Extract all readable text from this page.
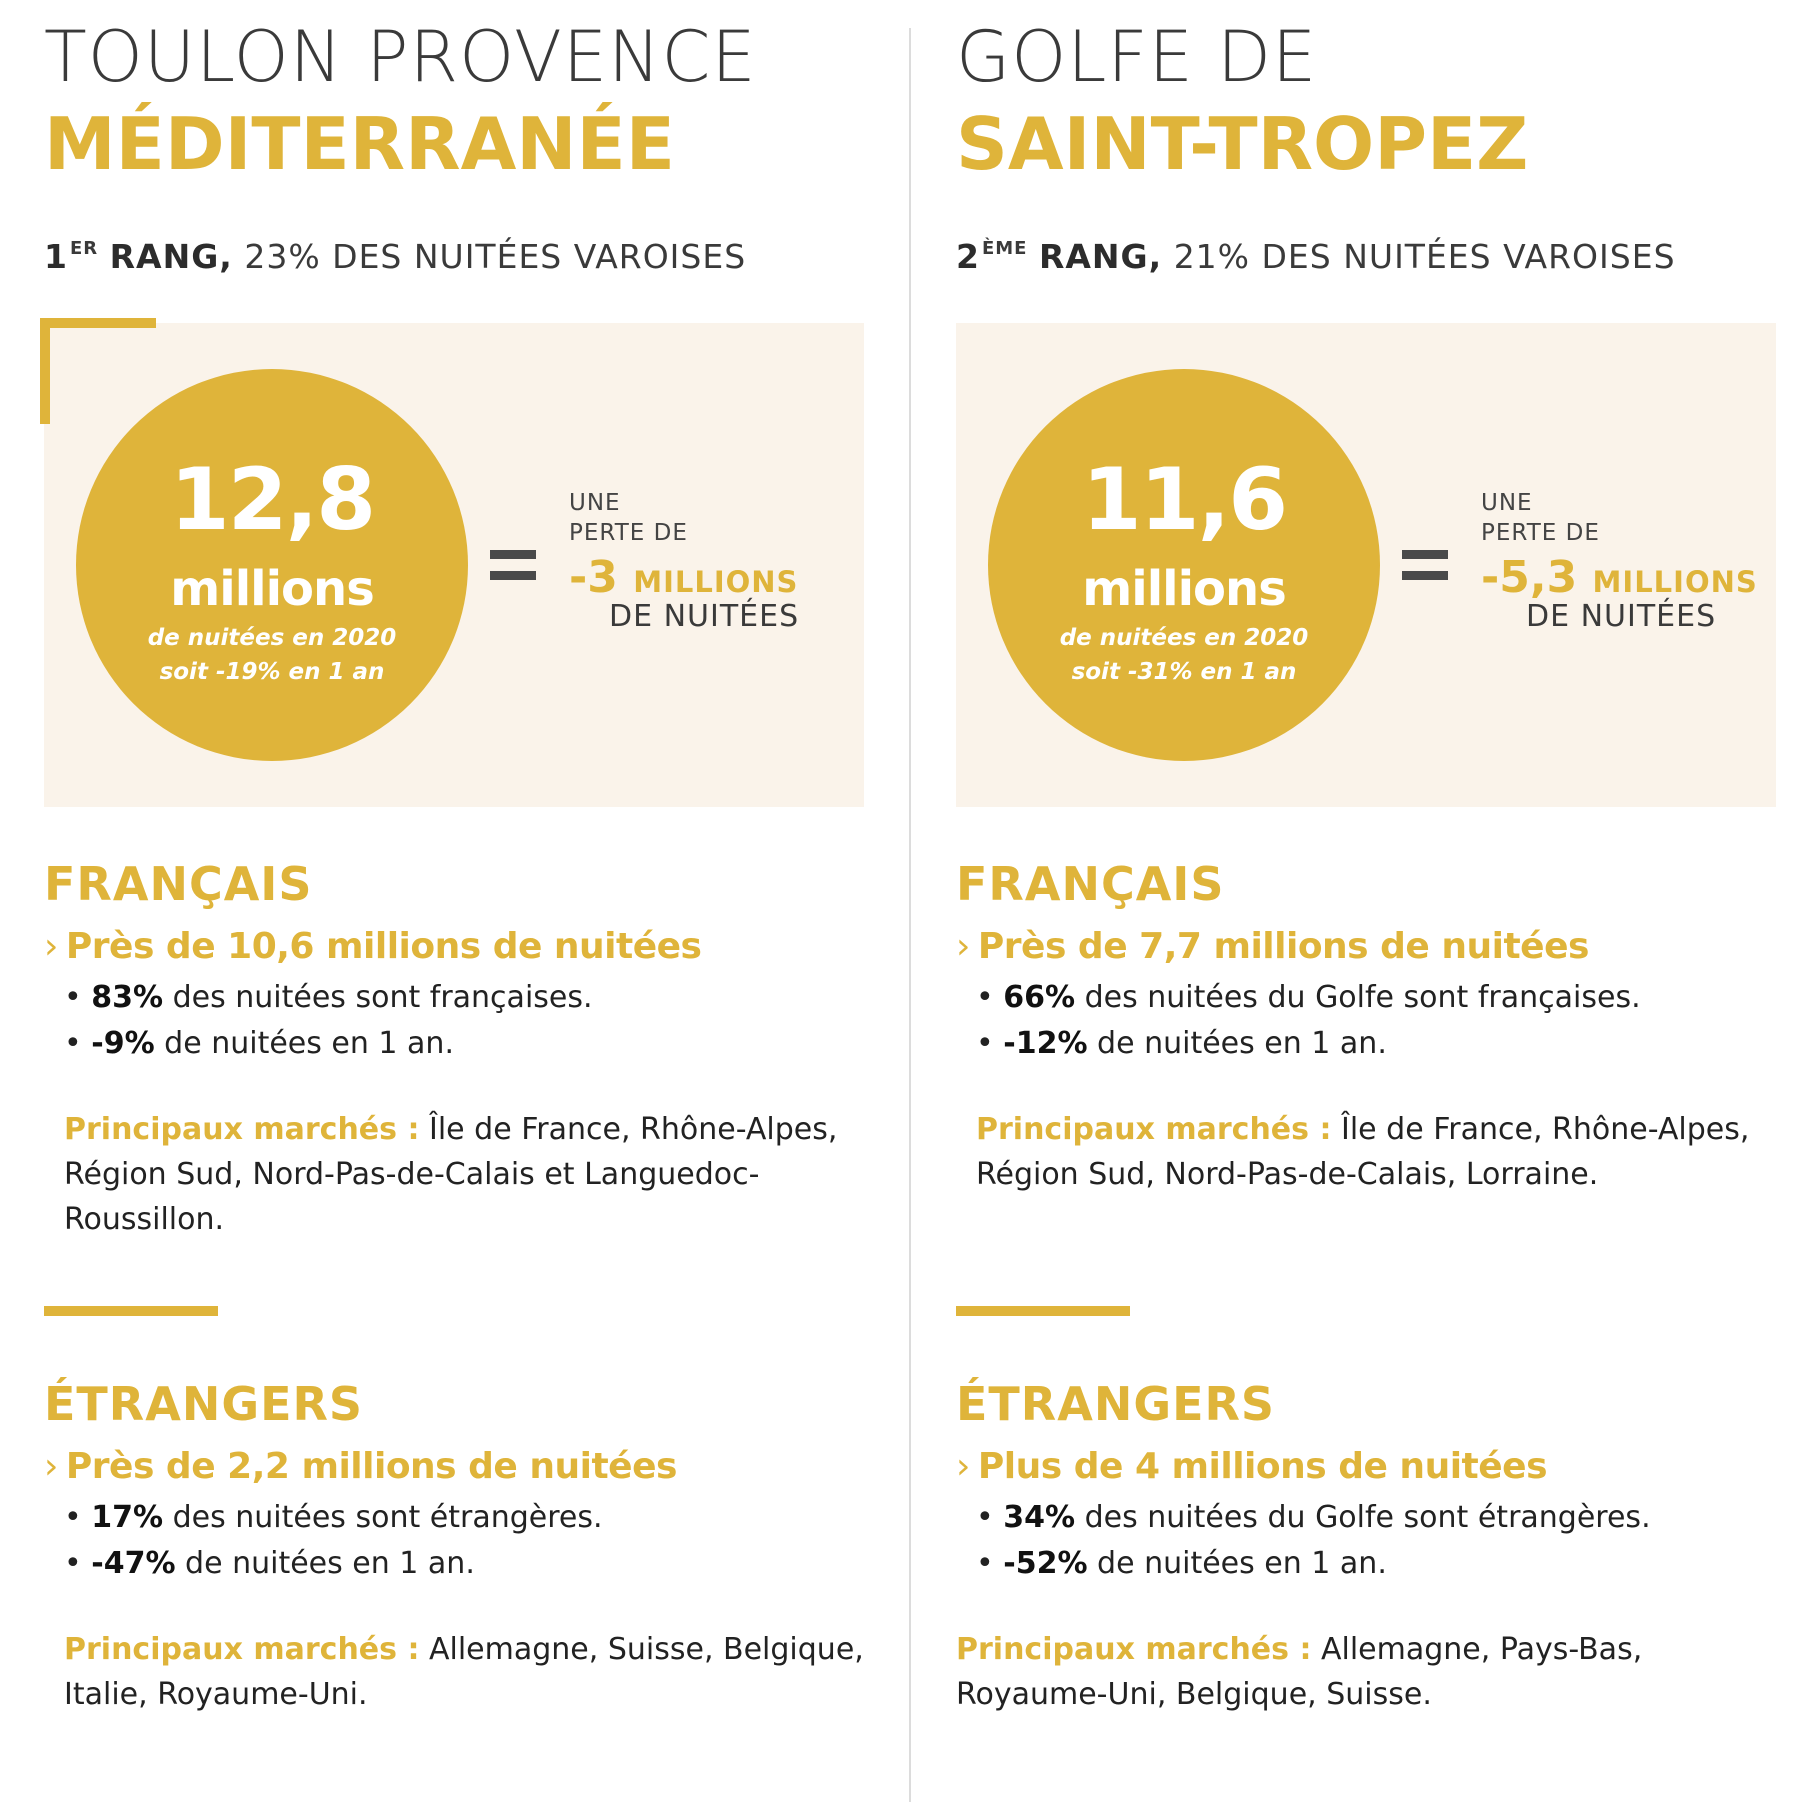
TOULON PROVENCE
MÉDITERRANÉE
1 $^{ER}$ RANG, 23% DES NUITÉES VAROISES
12,8
millions
de nuitées en 2020
soit -19% en 1 an
UNE
PERTE DE
-3 MILLIONS
DE NUITÉES
FRANÇAIS
› Près de 10,6 millions de nuitées
• 83% des nuitées sont françaises.
• -9% de nuitées en 1 an.
Principaux marchés : Île de France, Rhône-Alpes, Région Sud, Nord-Pas-de-Calais et Languedoc-Roussillon.
ÉTRANGERS
› Près de 2,2 millions de nuitées
• 17% des nuitées sont étrangères.
• -47% de nuitées en 1 an.
Principaux marchés : Allemagne, Suisse, Belgique, Italie, Royaume-Uni.
GOLFE DE
SAINT-TROPEZ
2 $^{ÈME}$ RANG, 21% DES NUITÉES VAROISES
11,6
millions
de nuitées en 2020
soit -31% en 1 an
UNE
PERTE DE
-5,3 MILLIONS
DE NUITÉES
FRANÇAIS
› Près de 7,7 millions de nuitées
• 66% des nuitées du Golfe sont françaises.
• -12% de nuitées en 1 an.
Principaux marchés : Île de France, Rhône-Alpes, Région Sud, Nord-Pas-de-Calais, Lorraine.
ÉTRANGERS
› Plus de 4 millions de nuitées
• 34% des nuitées du Golfe sont étrangères.
• -52% de nuitées en 1 an.
Principaux marchés : Allemagne, Pays-Bas, Royaume-Uni, Belgique, Suisse.
